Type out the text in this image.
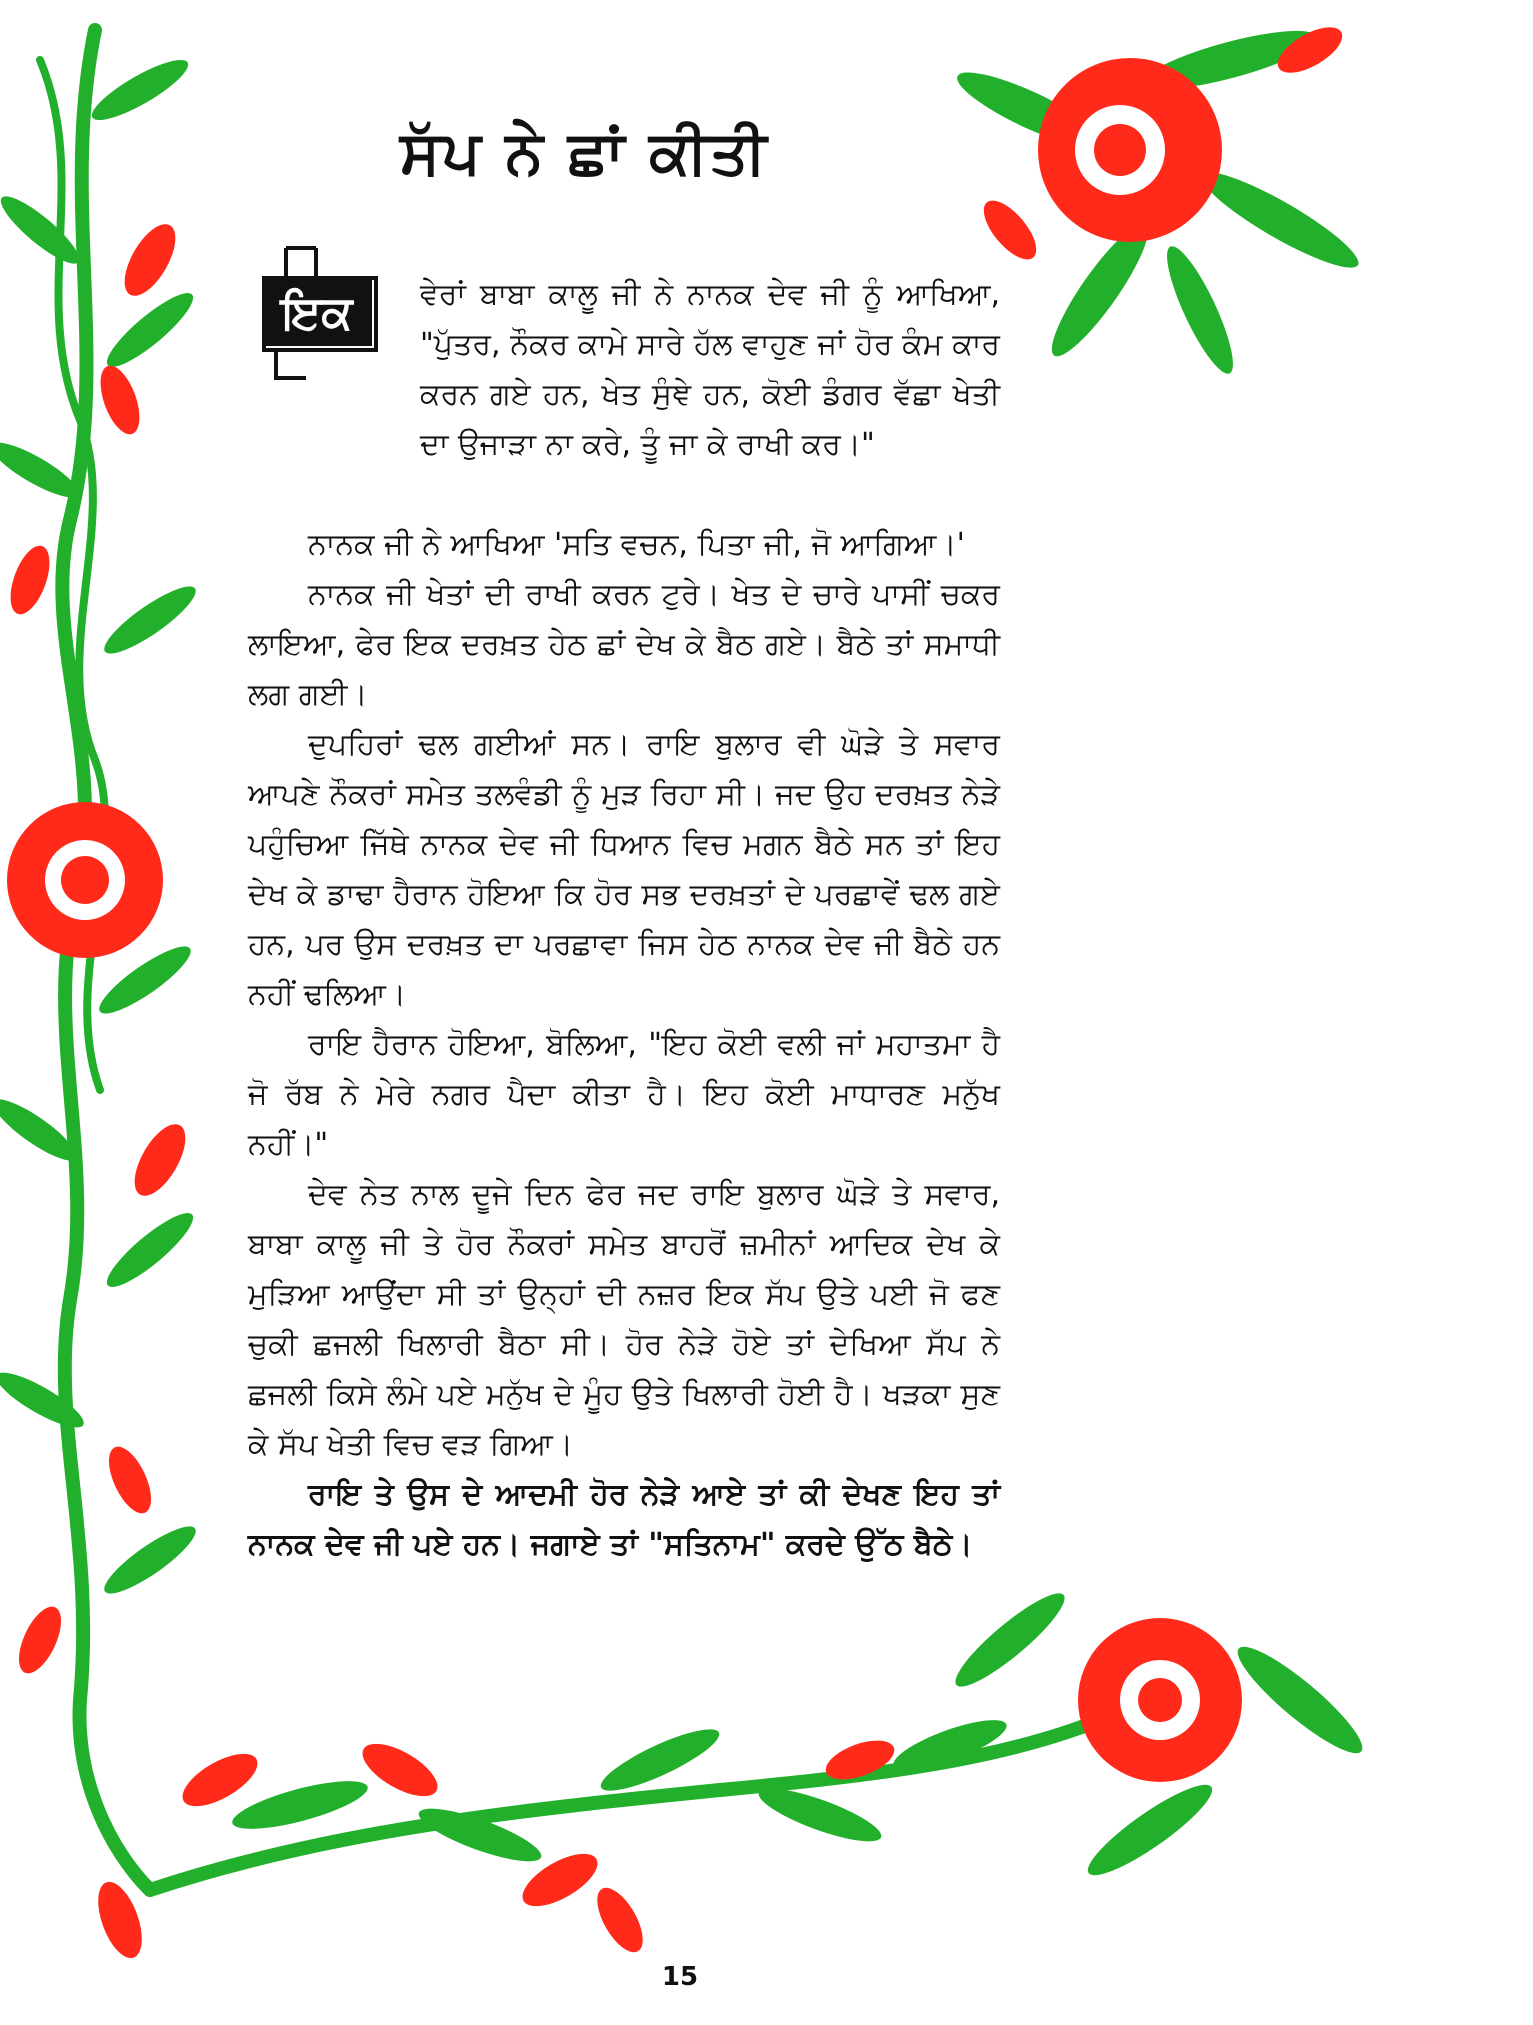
ਸੱਪ ਨੇ ਛਾਂ ਕੀਤੀ
ਇਕ	ਵੇਰਾਂ ਬਾਬਾ ਕਾਲੂ ਜੀ ਨੇ ਨਾਨਕ ਦੇਵ ਜੀ ਨੂੰ ਆਖਿਆ, "ਪੁੱਤਰ, ਨੌਕਰ ਕਾਮੇ ਸਾਰੇ ਹੱਲ ਵਾਹੁਣ ਜਾਂ ਹੋਰ ਕੰਮ ਕਾਰ ਕਰਨ ਗਏ ਹਨ, ਖੇਤ ਸੁੰਞੇ ਹਨ, ਕੋਈ ਡੰਗਰ ਵੱਛਾ ਖੇਤੀ ਦਾ ਉਜਾੜਾ ਨਾ ਕਰੇ, ਤੂੰ ਜਾ ਕੇ ਰਾਖੀ ਕਰ।"

ਨਾਨਕ ਜੀ ਨੇ ਆਖਿਆ 'ਸਤਿ ਵਚਨ, ਪਿਤਾ ਜੀ, ਜੋ ਆਗਿਆ।'

ਨਾਨਕ ਜੀ ਖੇਤਾਂ ਦੀ ਰਾਖੀ ਕਰਨ ਟੁਰੇ। ਖੇਤ ਦੇ ਚਾਰੇ ਪਾਸੀਂ ਚਕਰ ਲਾਇਆ, ਫੇਰ ਇਕ ਦਰਖ਼ਤ ਹੇਠ ਛਾਂ ਦੇਖ ਕੇ ਬੈਠ ਗਏ। ਬੈਠੇ ਤਾਂ ਸਮਾਧੀ ਲਗ ਗਈ।

ਦੁਪਹਿਰਾਂ ਢਲ ਗਈਆਂ ਸਨ। ਰਾਇ ਬੁਲਾਰ ਵੀ ਘੋੜੇ ਤੇ ਸਵਾਰ ਆਪਣੇ ਨੌਕਰਾਂ ਸਮੇਤ ਤਲਵੰਡੀ ਨੂੰ ਮੁੜ ਰਿਹਾ ਸੀ। ਜਦ ਉਹ ਦਰਖ਼ਤ ਨੇੜੇ ਪਹੁੰਚਿਆ ਜਿੱਥੇ ਨਾਨਕ ਦੇਵ ਜੀ ਧਿਆਨ ਵਿਚ ਮਗਨ ਬੈਠੇ ਸਨ ਤਾਂ ਇਹ ਦੇਖ ਕੇ ਡਾਢਾ ਹੈਰਾਨ ਹੋਇਆ ਕਿ ਹੋਰ ਸਭ ਦਰਖ਼ਤਾਂ ਦੇ ਪਰਛਾਵੇਂ ਢਲ ਗਏ ਹਨ, ਪਰ ਉਸ ਦਰਖ਼ਤ ਦਾ ਪਰਛਾਵਾ ਜਿਸ ਹੇਠ ਨਾਨਕ ਦੇਵ ਜੀ ਬੈਠੇ ਹਨ ਨਹੀਂ ਢਲਿਆ।

ਰਾਇ ਹੈਰਾਨ ਹੋਇਆ, ਬੋਲਿਆ, "ਇਹ ਕੋਈ ਵਲੀ ਜਾਂ ਮਹਾਤਮਾ ਹੈ ਜੋ ਰੱਬ ਨੇ ਮੇਰੇ ਨਗਰ ਪੈਦਾ ਕੀਤਾ ਹੈ। ਇਹ ਕੋਈ ਮਾਧਾਰਣ ਮਨੁੱਖ ਨਹੀਂ।"

ਦੇਵ ਨੇਤ ਨਾਲ ਦੂਜੇ ਦਿਨ ਫੇਰ ਜਦ ਰਾਇ ਬੁਲਾਰ ਘੋੜੇ ਤੇ ਸਵਾਰ, ਬਾਬਾ ਕਾਲੂ ਜੀ ਤੇ ਹੋਰ ਨੌਕਰਾਂ ਸਮੇਤ ਬਾਹਰੋਂ ਜ਼ਮੀਨਾਂ ਆਦਿਕ ਦੇਖ ਕੇ ਮੁੜਿਆ ਆਉਂਦਾ ਸੀ ਤਾਂ ਉਨ੍ਹਾਂ ਦੀ ਨਜ਼ਰ ਇਕ ਸੱਪ ਉਤੇ ਪਈ ਜੋ ਫਣ ਚੁਕੀ ਛਜਲੀ ਖਿਲਾਰੀ ਬੈਠਾ ਸੀ। ਹੋਰ ਨੇੜੇ ਹੋਏ ਤਾਂ ਦੇਖਿਆ ਸੱਪ ਨੇ ਛਜਲੀ ਕਿਸੇ ਲੰਮੇ ਪਏ ਮਨੁੱਖ ਦੇ ਮੂੰਹ ਉਤੇ ਖਿਲਾਰੀ ਹੋਈ ਹੈ। ਖੜਕਾ ਸੁਣ ਕੇ ਸੱਪ ਖੇਤੀ ਵਿਚ ਵੜ ਗਿਆ।

ਰਾਇ ਤੇ ਉਸ ਦੇ ਆਦਮੀ ਹੋਰ ਨੇੜੇ ਆਏ ਤਾਂ ਕੀ ਦੇਖਣ ਇਹ ਤਾਂ ਨਾਨਕ ਦੇਵ ਜੀ ਪਏ ਹਨ। ਜਗਾਏ ਤਾਂ "ਸਤਿਨਾਮ" ਕਰਦੇ ਉੱਠ ਬੈਠੇ।

15
